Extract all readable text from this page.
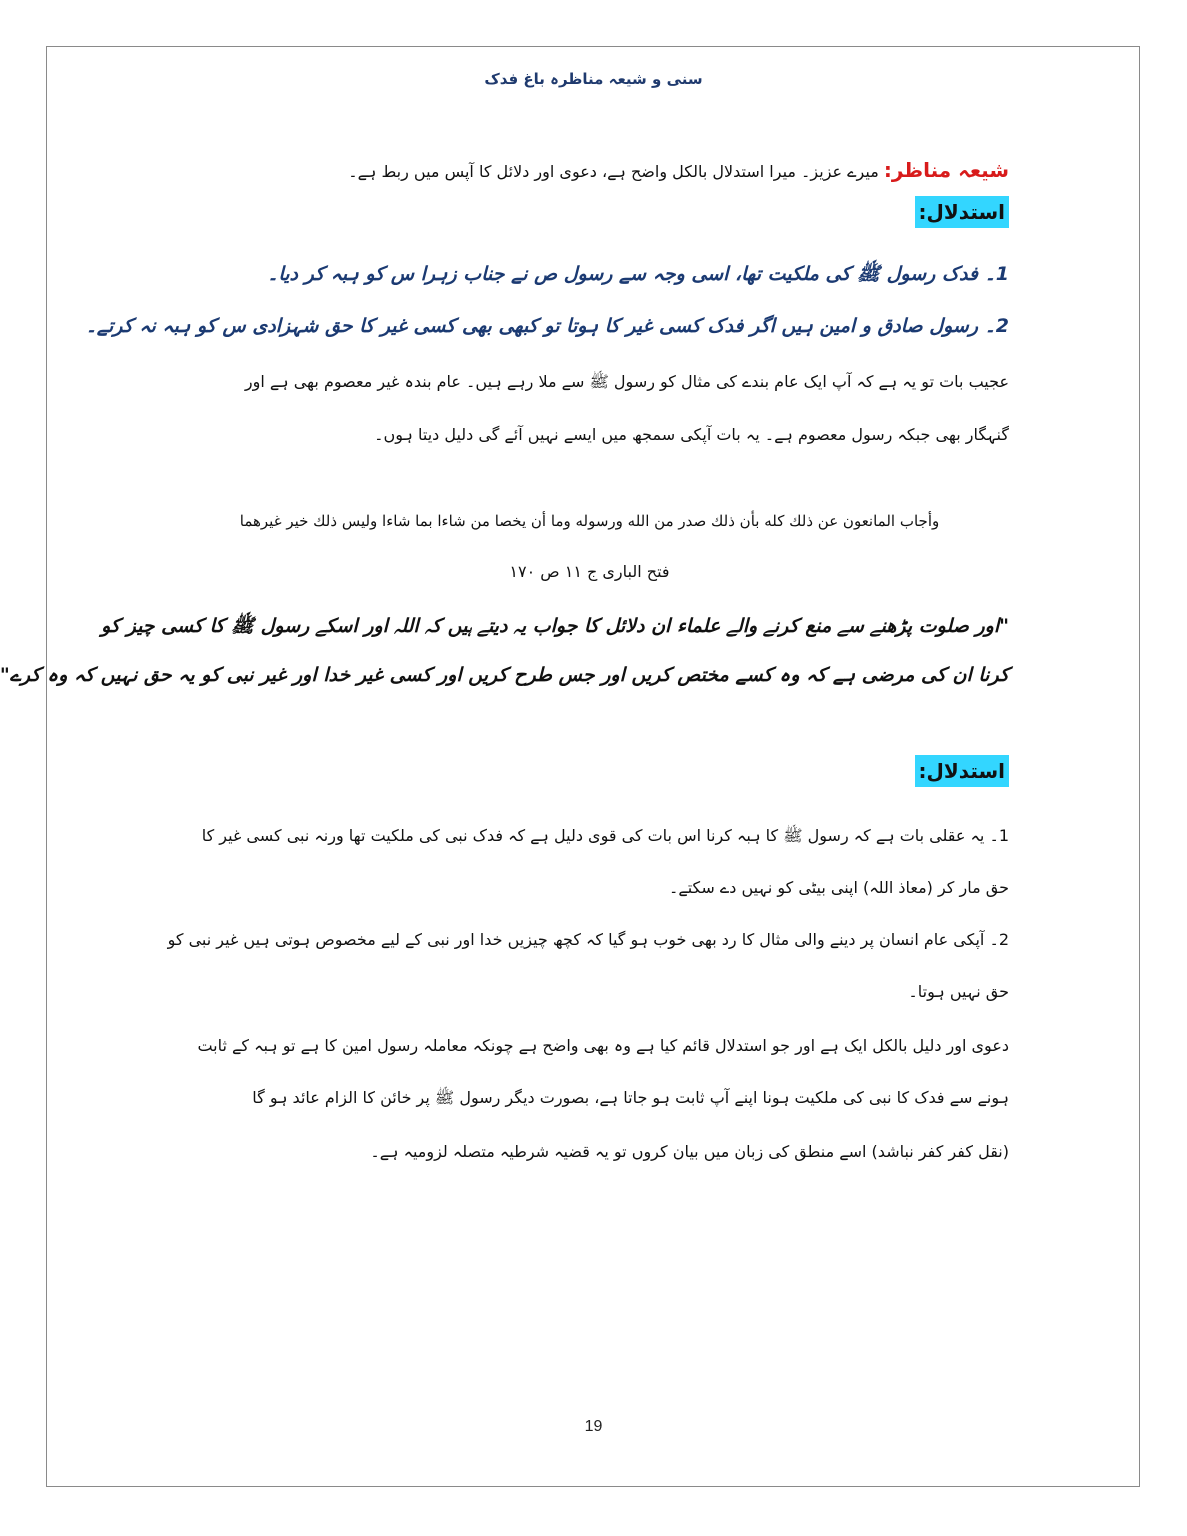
سنی و شیعہ مناظرہ باغ فدک
شیعہ مناظر: میرے عزیز۔ میرا استدلال بالکل واضح ہے، دعوی اور دلائل کا آپس میں ربط ہے۔
استدلال:
1۔ فدک رسول ﷺ کی ملکیت تھا، اسی وجہ سے رسول ص نے جناب زہرا س کو ہبہ کر دیا۔
2۔ رسول صادق و امین ہیں اگر فدک کسی غیر کا ہوتا تو کبھی بھی کسی غیر کا حق شہزادی س کو ہبہ نہ کرتے۔
عجیب بات تو یہ ہے کہ آپ ایک عام بندے کی مثال کو رسول ﷺ سے ملا رہے ہیں۔ عام بندہ غیر معصوم بھی ہے اور
گنہگار بھی جبکہ رسول معصوم ہے۔ یہ بات آپکی سمجھ میں ایسے نہیں آئے گی دلیل دیتا ہوں۔
وأجاب المانعون عن ذلك كله بأن ذلك صدر من الله ورسوله وما أن يخصا من شاءا بما شاءا وليس ذلك خير غيرهما
فتح الباری ج ۱۱ ص ۱۷۰
"اور صلوت پڑھنے سے منع کرنے والے علماء ان دلائل کا جواب یہ دیتے ہیں کہ اللہ اور اسکے رسول ﷺ کا کسی چیز کو
کرنا ان کی مرضی ہے کہ وہ کسے مختص کریں اور جس طرح کریں اور کسی غیر خدا اور غیر نبی کو یہ حق نہیں کہ وہ کرے"
استدلال:
1۔ یہ عقلی بات ہے کہ رسول ﷺ کا ہبہ کرنا اس بات کی قوی دلیل ہے کہ فدک نبی کی ملکیت تھا ورنہ نبی کسی غیر کا
حق مار کر (معاذ اللہ) اپنی بیٹی کو نہیں دے سکتے۔
2۔ آپکی عام انسان پر دینے والی مثال کا رد بھی خوب ہو گیا کہ کچھ چیزیں خدا اور نبی کے لیے مخصوص ہوتی ہیں غیر نبی کو
حق نہیں ہوتا۔
دعوی اور دلیل بالکل ایک ہے اور جو استدلال قائم کیا ہے وہ بھی واضح ہے چونکہ معاملہ رسول امین کا ہے تو ہبہ کے ثابت
ہونے سے فدک کا نبی کی ملکیت ہونا اپنے آپ ثابت ہو جاتا ہے، بصورت دیگر رسول ﷺ پر خائن کا الزام عائد ہو گا
(نقل کفر کفر نباشد) اسے منطق کی زبان میں بیان کروں تو یہ قضیہ شرطیہ متصلہ لزومیہ ہے۔
19
